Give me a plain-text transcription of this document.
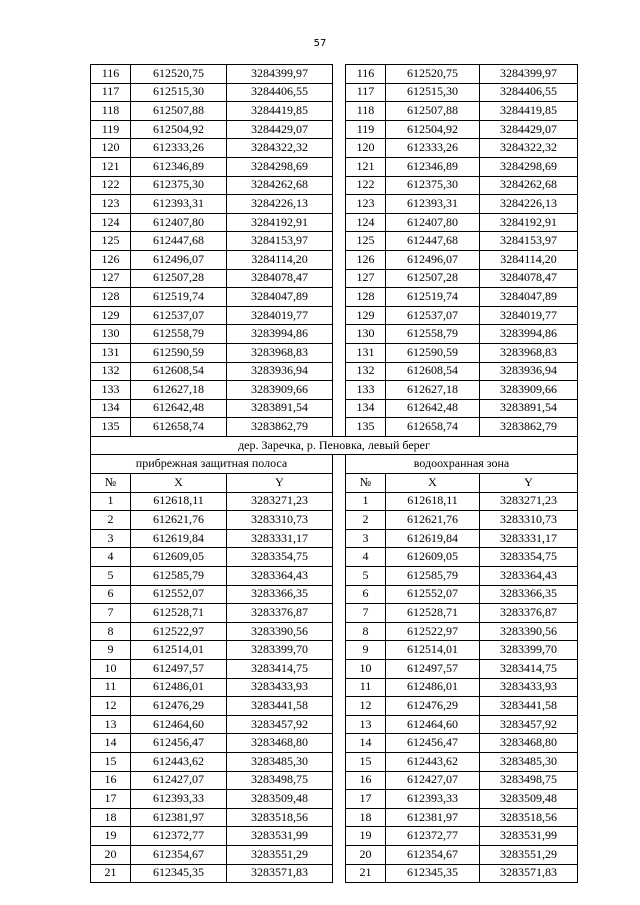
57
116	612520,75	3284399,97		116	612520,75	3284399,97
117	612515,30	3284406,55		117	612515,30	3284406,55
118	612507,88	3284419,85		118	612507,88	3284419,85
119	612504,92	3284429,07		119	612504,92	3284429,07
120	612333,26	3284322,32		120	612333,26	3284322,32
121	612346,89	3284298,69		121	612346,89	3284298,69
122	612375,30	3284262,68		122	612375,30	3284262,68
123	612393,31	3284226,13		123	612393,31	3284226,13
124	612407,80	3284192,91		124	612407,80	3284192,91
125	612447,68	3284153,97		125	612447,68	3284153,97
126	612496,07	3284114,20		126	612496,07	3284114,20
127	612507,28	3284078,47		127	612507,28	3284078,47
128	612519,74	3284047,89		128	612519,74	3284047,89
129	612537,07	3284019,77		129	612537,07	3284019,77
130	612558,79	3283994,86		130	612558,79	3283994,86
131	612590,59	3283968,83		131	612590,59	3283968,83
132	612608,54	3283936,94		132	612608,54	3283936,94
133	612627,18	3283909,66		133	612627,18	3283909,66
134	612642,48	3283891,54		134	612642,48	3283891,54
135	612658,74	3283862,79		135	612658,74	3283862,79
дер. Заречка, р. Пеновка, левый берег						
прибрежная защитная полоса				водоохранная зона		
№	X	Y		№	X	Y
1	612618,11	3283271,23		1	612618,11	3283271,23
2	612621,76	3283310,73		2	612621,76	3283310,73
3	612619,84	3283331,17		3	612619,84	3283331,17
4	612609,05	3283354,75		4	612609,05	3283354,75
5	612585,79	3283364,43		5	612585,79	3283364,43
6	612552,07	3283366,35		6	612552,07	3283366,35
7	612528,71	3283376,87		7	612528,71	3283376,87
8	612522,97	3283390,56		8	612522,97	3283390,56
9	612514,01	3283399,70		9	612514,01	3283399,70
10	612497,57	3283414,75		10	612497,57	3283414,75
11	612486,01	3283433,93		11	612486,01	3283433,93
12	612476,29	3283441,58		12	612476,29	3283441,58
13	612464,60	3283457,92		13	612464,60	3283457,92
14	612456,47	3283468,80		14	612456,47	3283468,80
15	612443,62	3283485,30		15	612443,62	3283485,30
16	612427,07	3283498,75		16	612427,07	3283498,75
17	612393,33	3283509,48		17	612393,33	3283509,48
18	612381,97	3283518,56		18	612381,97	3283518,56
19	612372,77	3283531,99		19	612372,77	3283531,99
20	612354,67	3283551,29		20	612354,67	3283551,29
21	612345,35	3283571,83		21	612345,35	3283571,83
